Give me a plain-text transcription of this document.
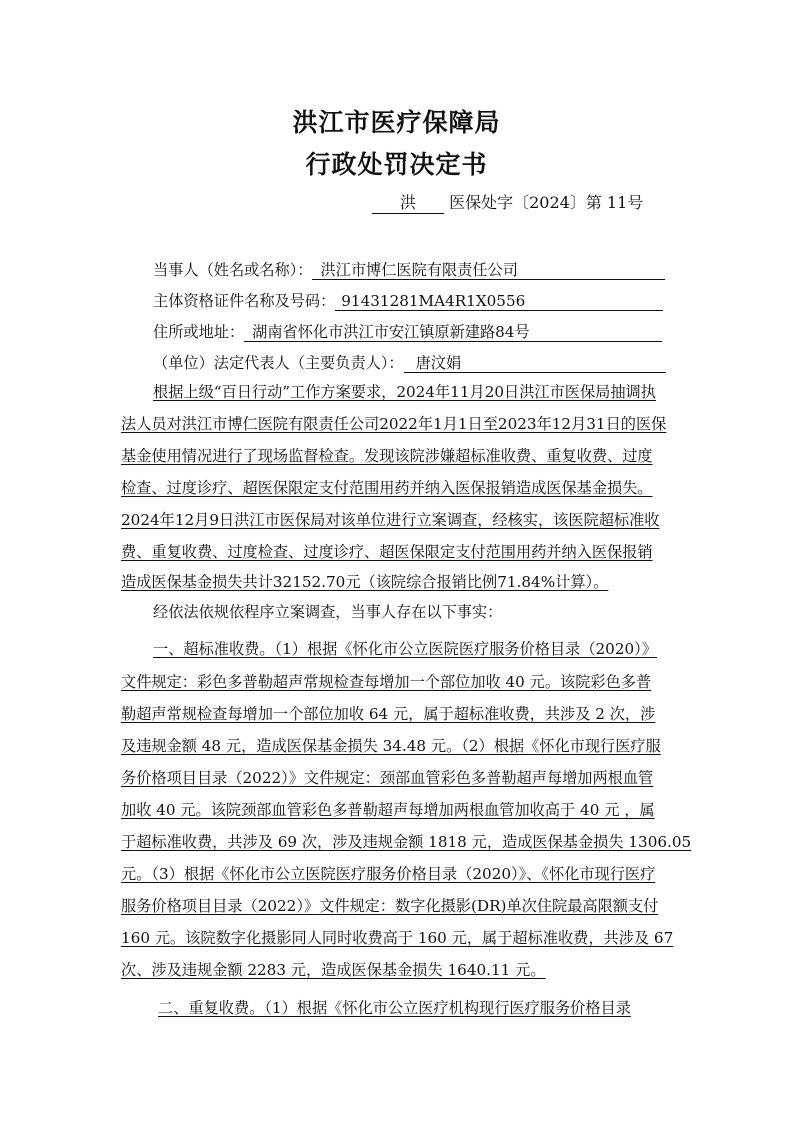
洪江市医疗保障局
行政处罚决定书
洪 医保处字〔2024〕第 11号
当事人（姓名或名称）： 洪江市博仁医院有限责任公司
主体资格证件名称及号码： 91431281MA4R1X0556
住所或地址： 湖南省怀化市洪江市安江镇原新建路84号
（单位）法定代表人（主要负责人）： 唐汶娟
根据上级“百日行动”工作方案要求，2024年11月20日洪江市医保局抽调执
法人员对洪江市博仁医院有限责任公司2022年1月1日至2023年12月31日的医保
基金使用情况进行了现场监督检查。发现该院涉嫌超标准收费、重复收费、过度
检查、过度诊疗、超医保限定支付范围用药并纳入医保报销造成医保基金损失。
2024年12月9日洪江市医保局对该单位进行立案调查，经核实，该医院超标准收
费、重复收费、过度检查、过度诊疗、超医保限定支付范围用药并纳入医保报销
造成医保基金损失共计32152.70元（该院综合报销比例71.84%计算）。
经依法依规依程序立案调查，当事人存在以下事实：
一、超标准收费。（1）根据《怀化市公立医院医疗服务价格目录（2020）》
文件规定：彩色多普勒超声常规检查每增加一个部位加收 40 元。该院彩色多普
勒超声常规检查每增加一个部位加收 64 元，属于超标准收费，共涉及 2 次，涉
及违规金额 48 元，造成医保基金损失 34.48 元。（2）根据《怀化市现行医疗服
务价格项目目录（2022）》文件规定：颈部血管彩色多普勒超声每增加两根血管
加收 40 元。该院颈部血管彩色多普勒超声每增加两根血管加收高于 40 元 ，属
于超标准收费，共涉及 69 次，涉及违规金额 1818 元，造成医保基金损失 1306.05
元。（3）根据《怀化市公立医院医疗服务价格目录（2020）》、《怀化市现行医疗
服务价格项目目录（2022）》文件规定：数字化摄影(DR)单次住院最高限额支付
160 元。该院数字化摄影同人同时收费高于 160 元，属于超标准收费，共涉及 67
次、涉及违规金额 2283 元，造成医保基金损失 1640.11 元。
二、重复收费。（1）根据《怀化市公立医疗机构现行医疗服务价格目录
